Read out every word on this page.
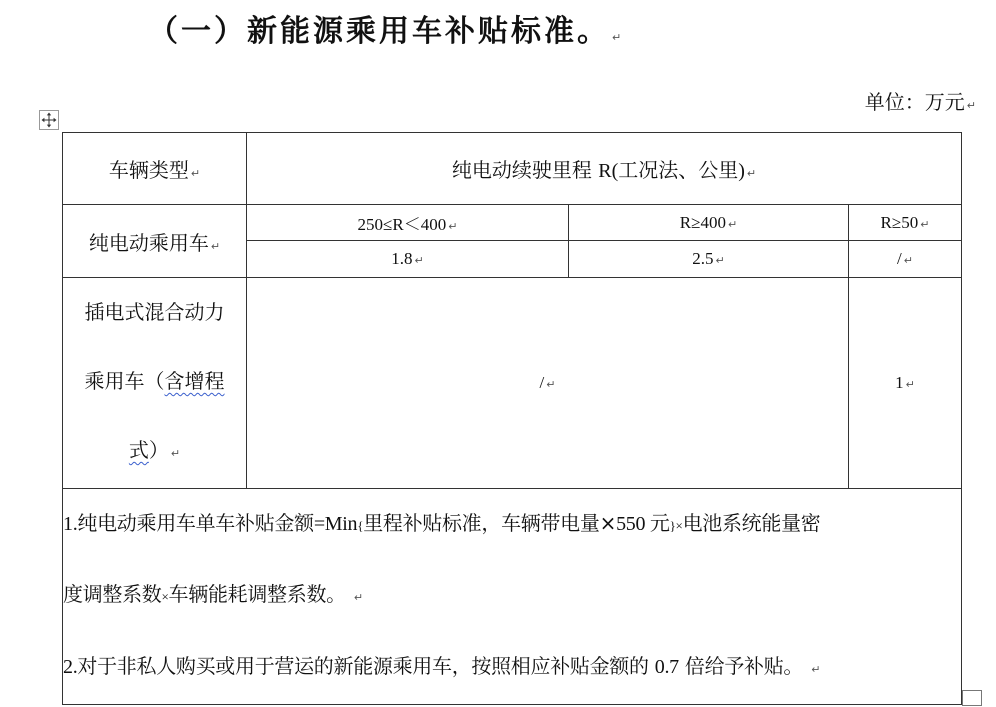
（一）新能源乘用车补贴标准。 ↵
单位：万元 ↵
车辆类型 ↵	纯电动续驶里程 R(工况法、公里) ↵		
纯电动乘用车 ↵	250≤R＜400 ↵	R≥400 ↵	R≥50 ↵
	1.8 ↵	2.5 ↵	/ ↵

插电式混合动力
乘用车（含增程
式） ↵	/ ↵		1 ↵

1.纯电动乘用车单车补贴金额=Min{里程补贴标准，车辆带电量×550 元}×电池系统能量密
度调整系数×车辆能耗调整系数。 ↵
2.对于非私人购买或用于营运的新能源乘用车，按照相应补贴金额的 0.7 倍给予补贴。 ↵			
